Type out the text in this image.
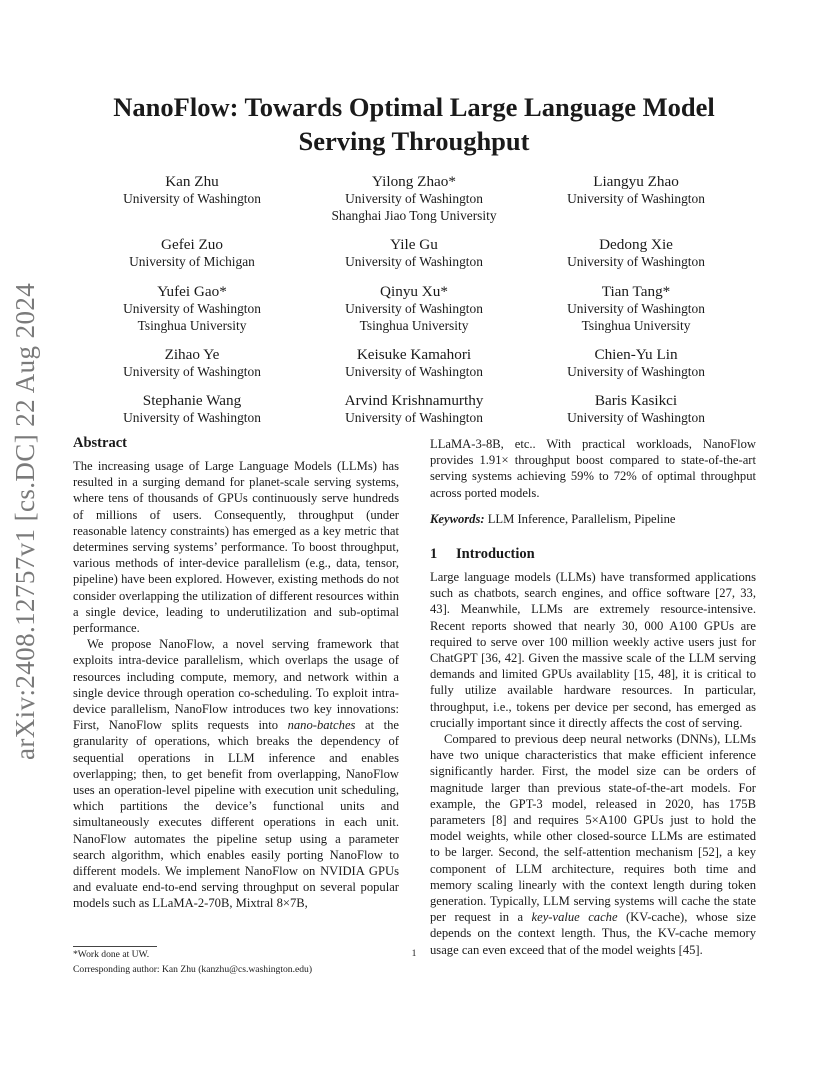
arXiv:2408.12757v1 [cs.DC] 22 Aug 2024
NanoFlow: Towards Optimal Large Language Model
Serving Throughput
Kan Zhu
University of Washington
Yilong Zhao*
University of Washington
Shanghai Jiao Tong University
Liangyu Zhao
University of Washington
Gefei Zuo
University of Michigan
Yile Gu
University of Washington
Dedong Xie
University of Washington
Yufei Gao*
University of Washington
Tsinghua University
Qinyu Xu*
University of Washington
Tsinghua University
Tian Tang*
University of Washington
Tsinghua University
Zihao Ye
University of Washington
Keisuke Kamahori
University of Washington
Chien-Yu Lin
University of Washington
Stephanie Wang
University of Washington
Arvind Krishnamurthy
University of Washington
Baris Kasikci
University of Washington
Abstract

The increasing usage of Large Language Models (LLMs) has resulted in a surging demand for planet-scale serving systems, where tens of thousands of GPUs continuously serve hundreds of millions of users. Consequently, throughput (under reasonable latency constraints) has emerged as a key metric that determines serving systems’ performance. To boost throughput, various methods of inter-device parallelism (e.g., data, tensor, pipeline) have been explored. However, existing methods do not consider overlapping the utilization of different resources within a single device, leading to underutilization and sub-optimal performance.

We propose NanoFlow, a novel serving framework that exploits intra-device parallelism, which overlaps the usage of resources including compute, memory, and network within a single device through operation co-scheduling. To exploit intra-device parallelism, NanoFlow introduces two key innovations: First, NanoFlow splits requests into nano-batches at the granularity of operations, which breaks the dependency of sequential operations in LLM inference and enables overlapping; then, to get benefit from overlapping, NanoFlow uses an operation-level pipeline with execution unit scheduling, which partitions the device’s functional units and simultaneously executes different operations in each unit. NanoFlow automates the pipeline setup using a parameter search algorithm, which enables easily porting NanoFlow to different models. We implement NanoFlow on NVIDIA GPUs and evaluate end-to-end serving throughput on several popular models such as LLaMA-2-70B, Mixtral 8×7B,

LLaMA-3-8B, etc.. With practical workloads, NanoFlow provides 1.91× throughput boost compared to state-of-the-art serving systems achieving 59% to 72% of optimal throughput across ported models.

Keywords: LLM Inference, Parallelism, Pipeline

1 Introduction

Large language models (LLMs) have transformed applications such as chatbots, search engines, and office software [27, 33, 43]. Meanwhile, LLMs are extremely resource-intensive. Recent reports showed that nearly 30, 000 A100 GPUs are required to serve over 100 million weekly active users just for ChatGPT [36, 42]. Given the massive scale of the LLM serving demands and limited GPUs availablity [15, 48], it is critical to fully utilize available hardware resources. In particular, throughput, i.e., tokens per device per second, has emerged as crucially important since it directly affects the cost of serving.

Compared to previous deep neural networks (DNNs), LLMs have two unique characteristics that make efficient inference significantly harder. First, the model size can be orders of magnitude larger than previous state-of-the-art models. For example, the GPT-3 model, released in 2020, has 175B parameters [8] and requires 5×A100 GPUs just to hold the model weights, while other closed-source LLMs are estimated to be larger. Second, the self-attention mechanism [52], a key component of LLM architecture, requires both time and memory scaling linearly with the context length during token generation. Typically, LLM serving systems will cache the state per request in a key-value cache (KV-cache), whose size depends on the context length. Thus, the KV-cache memory usage can even exceed that of the model weights [45].

*Work done at UW.
Corresponding author: Kan Zhu (kanzhu@cs.washington.edu)
1
